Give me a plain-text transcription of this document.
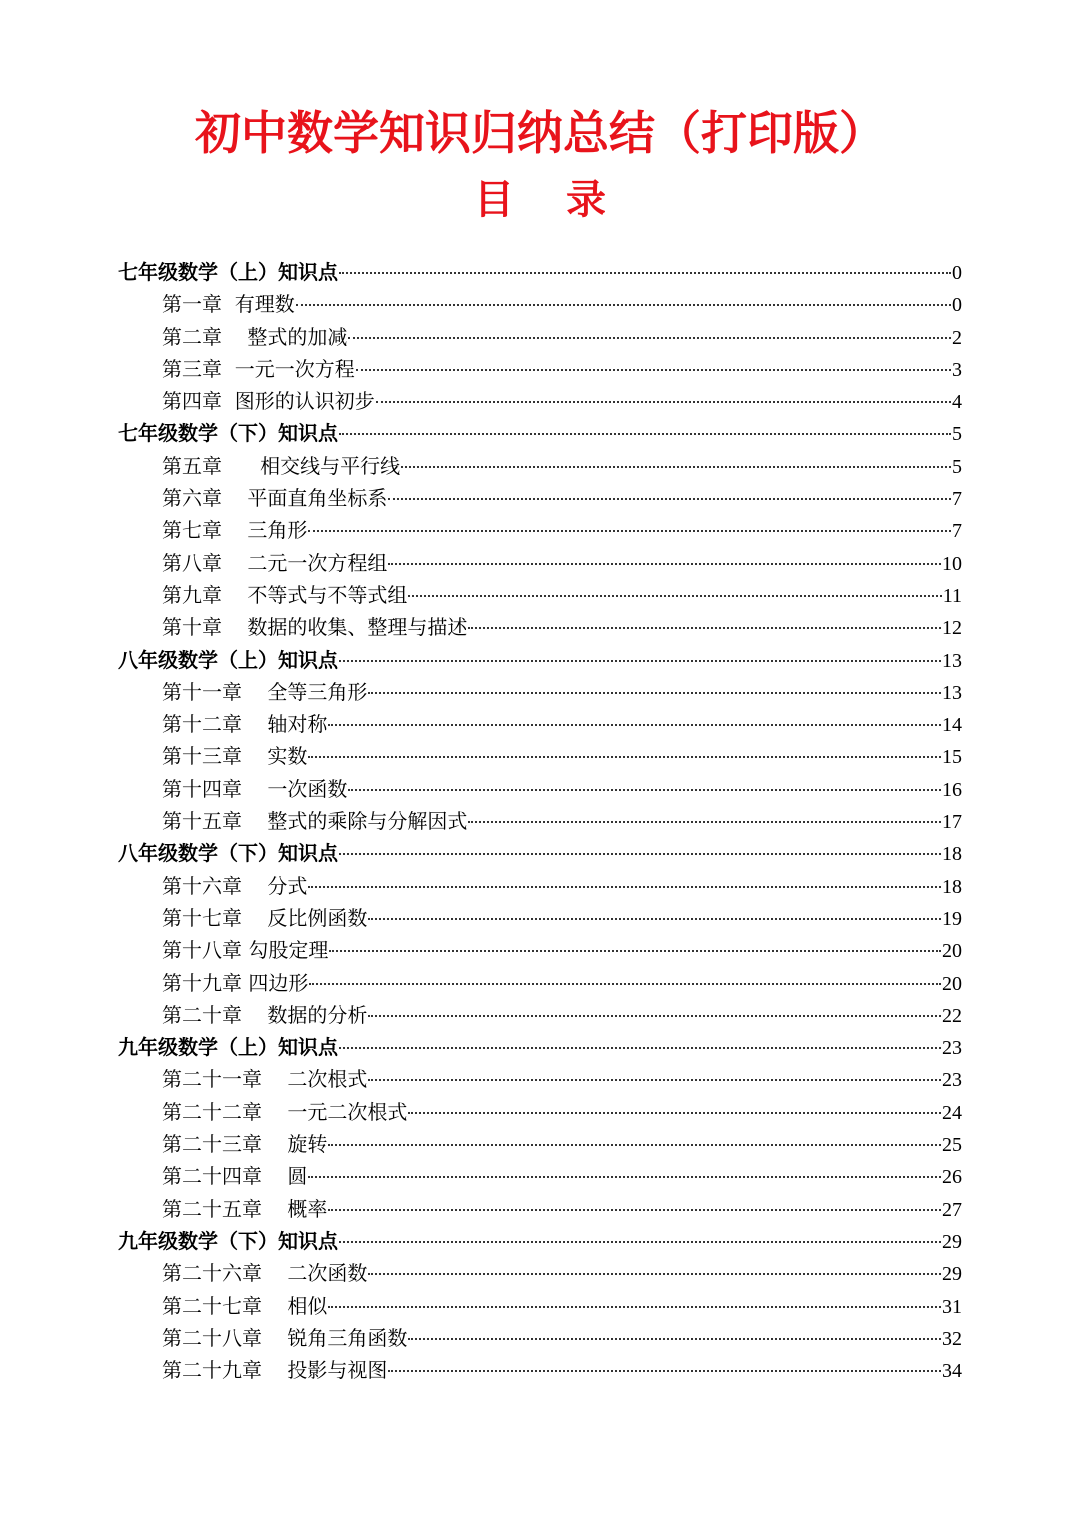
初中数学知识归纳总结（打印版）
目录
七年级数学（上）知识点	0
第一章  有理数	0
第二章    整式的加减	2
第三章  一元一次方程	3
第四章  图形的认识初步	4
七年级数学（下）知识点	5
第五章      相交线与平行线	5
第六章    平面直角坐标系	7
第七章    三角形	7
第八章    二元一次方程组	10
第九章    不等式与不等式组	11
第十章    数据的收集、整理与描述	12
八年级数学（上）知识点	13
第十一章    全等三角形	13
第十二章    轴对称	14
第十三章    实数	15
第十四章    一次函数	16
第十五章    整式的乘除与分解因式	17
八年级数学（下）知识点	18
第十六章    分式	18
第十七章    反比例函数	19
第十八章 勾股定理	20
第十九章 四边形	20
第二十章    数据的分析	22
九年级数学（上）知识点	23
第二十一章    二次根式	23
第二十二章    一元二次根式	24
第二十三章    旋转	25
第二十四章    圆	26
第二十五章    概率	27
九年级数学（下）知识点	29
第二十六章    二次函数	29
第二十七章    相似	31
第二十八章    锐角三角函数	32
第二十九章    投影与视图	34
